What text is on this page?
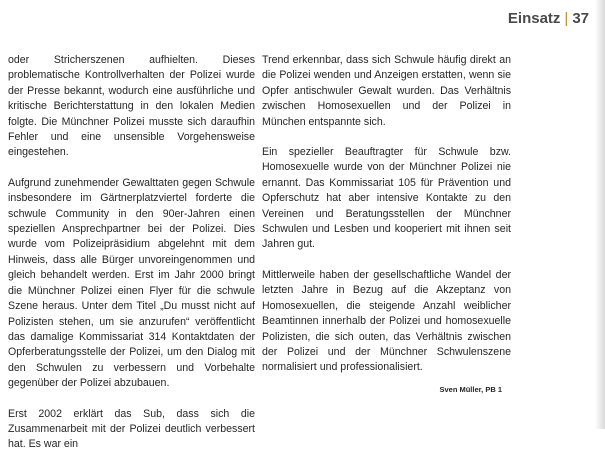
Einsatz | 37

oder Stricherszenen aufhielten. Dieses problematische Kontrollverhalten der Polizei wurde der Presse bekannt, wodurch eine ausführliche und kritische Berichterstattung in den lokalen Medien folgte. Die Münchner Polizei musste sich daraufhin Fehler und eine unsensible Vorgehensweise eingestehen.

Aufgrund zunehmender Gewalttaten gegen Schwule insbesondere im Gärtnerplatzviertel forderte die schwule Community in den 90er-Jahren einen speziellen Ansprechpartner bei der Polizei. Dies wurde vom Polizeipräsidium abgelehnt mit dem Hinweis, dass alle Bürger unvoreingenommen und gleich behandelt werden. Erst im Jahr 2000 bringt die Münchner Polizei einen Flyer für die schwule Szene heraus. Unter dem Titel „Du musst nicht auf Polizisten stehen, um sie anzurufen“ veröffentlicht das damalige Kommissariat 314 Kontaktdaten der Opferberatungsstelle der Polizei, um den Dialog mit den Schwulen zu verbessern und Vorbehalte gegenüber der Polizei abzubauen.

Erst 2002 erklärt das Sub, dass sich die Zusammenarbeit mit der Polizei deutlich verbessert hat. Es war ein

Trend erkennbar, dass sich Schwule häufig direkt an die Polizei wenden und Anzeigen erstatten, wenn sie Opfer antischwuler Gewalt wurden. Das Verhältnis zwischen Homosexuellen und der Polizei in München entspannte sich.

Ein spezieller Beauftragter für Schwule bzw. Homosexuelle wurde von der Münchner Polizei nie ernannt. Das Kommissariat 105 für Prävention und Opferschutz hat aber intensive Kontakte zu den Vereinen und Beratungsstellen der Münchner Schwulen und Lesben und kooperiert mit ihnen seit Jahren gut.

Mittlerweile haben der gesellschaftliche Wandel der letzten Jahre in Bezug auf die Akzeptanz von Homosexuellen, die steigende Anzahl weiblicher Beamtinnen innerhalb der Polizei und homosexuelle Polizisten, die sich outen, das Verhältnis zwischen der Polizei und der Münchner Schwulenszene normalisiert und professionalisiert.

Sven Müller, PB 1
